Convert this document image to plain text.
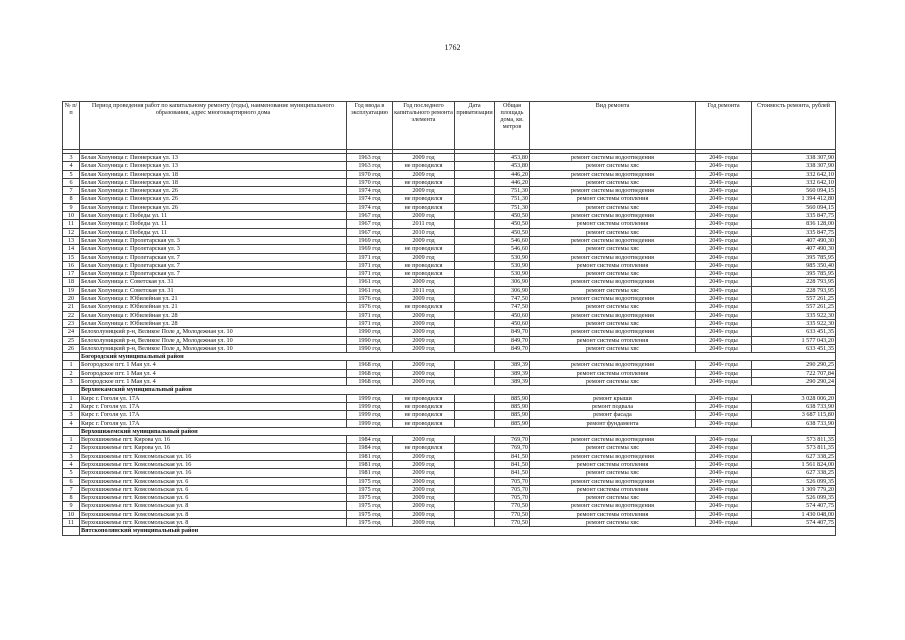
1762
№ п/п	Период проведения работ по капитальному ремонту (годы), наименование муниципального образования, адрес многоквартирного дома	Год ввода в эксплуатацию	Год последнего капитального ремонта элемента	Дата приватизации	Общая площадь дома, кв. метров	Вид ремонта	Год ремонта	Стоимость ремонта, рублей

3	Белая Холуница г. Пионерская ул. 13	1963 год	2009 год		453,80	ремонт системы водоотведения	2049- годы	338 307,90
4	Белая Холуница г. Пионерская ул. 13	1963 год	не проводился		453,80	ремонт системы хвс	2049- годы	338 307,90
5	Белая Холуница г. Пионерская ул. 18	1970 год	2009 год		446,20	ремонт системы водоотведения	2049- годы	332 642,10
6	Белая Холуница г. Пионерская ул. 18	1970 год	не проводился		446,20	ремонт системы хвс	2049- годы	332 642,10
7	Белая Холуница г. Пионерская ул. 26	1974 год	2009 год		751,30	ремонт системы водоотведения	2049- годы	560 094,15
8	Белая Холуница г. Пионерская ул. 26	1974 год	не проводился		751,30	ремонт системы отопления	2049- годы	1 394 412,80
9	Белая Холуница г. Пионерская ул. 26	1974 год	не проводился		751,30	ремонт системы хвс	2049- годы	560 094,15
10	Белая Холуница г. Победы ул. 11	1967 год	2009 год		450,50	ремонт системы водоотведения	2049- годы	335 847,75
11	Белая Холуница г. Победы ул. 11	1967 год	2011 год		450,50	ремонт системы отопления	2049- годы	836 128,00
12	Белая Холуница г. Победы ул. 11	1967 год	2010 год		450,50	ремонт системы хвс	2049- годы	335 847,75
13	Белая Холуница г. Пролетарская ул. 3	1969 год	2009 год		546,60	ремонт системы водоотведения	2049- годы	407 490,30
14	Белая Холуница г. Пролетарская ул. 3	1969 год	не проводился		546,60	ремонт системы хвс	2049- годы	407 490,30
15	Белая Холуница г. Пролетарская ул. 7	1971 год	2009 год		530,90	ремонт системы водоотведения	2049- годы	395 785,95
16	Белая Холуница г. Пролетарская ул. 7	1971 год	не проводился		530,90	ремонт системы отопления	2049- годы	985 350,40
17	Белая Холуница г. Пролетарская ул. 7	1971 год	не проводился		530,90	ремонт системы хвс	2049- годы	395 785,95
18	Белая Холуница г. Советская ул. 31	1961 год	2009 год		306,90	ремонт системы водоотведения	2049- годы	228 793,95
19	Белая Холуница г. Советская ул. 31	1961 год	2011 год		306,90	ремонт системы хвс	2049- годы	228 793,95
20	Белая Холуница г. Юбилейная ул. 21	1976 год	2009 год		747,50	ремонт системы водоотведения	2049- годы	557 261,25
21	Белая Холуница г. Юбилейная ул. 21	1976 год	не проводился		747,50	ремонт системы хвс	2049- годы	557 261,25
22	Белая Холуница г. Юбилейная ул. 28	1971 год	2009 год		450,60	ремонт системы водоотведения	2049- годы	335 922,30
23	Белая Холуница г. Юбилейная ул. 28	1971 год	2009 год		450,60	ремонт системы хвс	2049- годы	335 922,30
24	Белохолуницкий р-н, Великое Поле д, Молодежная ул. 10	1990 год	2009 год		849,70	ремонт системы водоотведения	2049- годы	633 451,35
25	Белохолуницкий р-н, Великое Поле д, Молодежная ул. 10	1990 год	2009 год		849,70	ремонт системы отопления	2049- годы	1 577 043,20
26	Белохолуницкий р-н, Великое Поле д, Молодежная ул. 10	1990 год	2009 год		849,70	ремонт системы хвс	2049- годы	633 451,35
	Богородский муниципальный район							
1	Богородское пгт. 1 Мая ул. 4	1968 год	2009 год		389,39	ремонт системы водоотведения	2049- годы	290 290,25
2	Богородское пгт. 1 Мая ул. 4	1968 год	2009 год		389,39	ремонт системы отопления	2049- годы	722 707,84
3	Богородское пгт. 1 Мая ул. 4	1968 год	2009 год		389,39	ремонт системы хвс	2049- годы	290 290,24
	Верхнекамский муниципальный район							
1	Кирс г. Гоголя ул. 17А	1999 год	не проводился		885,90	ремонт крыши	2049- годы	3 028 006,20
2	Кирс г. Гоголя ул. 17А	1999 год	не проводился		885,90	ремонт подвала	2049- годы	638 733,90
3	Кирс г. Гоголя ул. 17А	1999 год	не проводился		885,90	ремонт фасада	2049- годы	3 687 115,80
4	Кирс г. Гоголя ул. 17А	1999 год	не проводился		885,90	ремонт фундамента	2049- годы	638 733,90
	Верхошижемский муниципальный район							
1	Верхошижемье пгт. Кирова ул. 16	1984 год	2009 год		769,70	ремонт системы водоотведения	2049- годы	573 811,35
2	Верхошижемье пгт. Кирова ул. 16	1984 год	не проводился		769,70	ремонт системы хвс	2049- годы	573 811,35
3	Верхошижемье пгт. Комсомольская ул. 16	1981 год	2009 год		841,50	ремонт системы водоотведения	2049- годы	627 338,25
4	Верхошижемье пгт. Комсомольская ул. 16	1981 год	2009 год		841,50	ремонт системы отопления	2049- годы	1 561 824,00
5	Верхошижемье пгт. Комсомольская ул. 16	1981 год	2009 год		841,50	ремонт системы хвс	2049- годы	627 338,25
6	Верхошижемье пгт. Комсомольская ул. 6	1975 год	2009 год		705,70	ремонт системы водоотведения	2049- годы	526 099,35
7	Верхошижемье пгт. Комсомольская ул. 6	1975 год	2009 год		705,70	ремонт системы отопления	2049- годы	1 309 779,20
8	Верхошижемье пгт. Комсомольская ул. 6	1975 год	2009 год		705,70	ремонт системы хвс	2049- годы	526 099,35
9	Верхошижемье пгт. Комсомольская ул. 8	1975 год	2009 год		770,50	ремонт системы водоотведения	2049- годы	574 407,75
10	Верхошижемье пгт. Комсомольская ул. 8	1975 год	2009 год		770,50	ремонт системы отопления	2049- годы	1 430 048,00
11	Верхошижемье пгт. Комсомольская ул. 8	1975 год	2009 год		770,50	ремонт системы хвс	2049- годы	574 407,75
	Вятскополянский муниципальный район							
